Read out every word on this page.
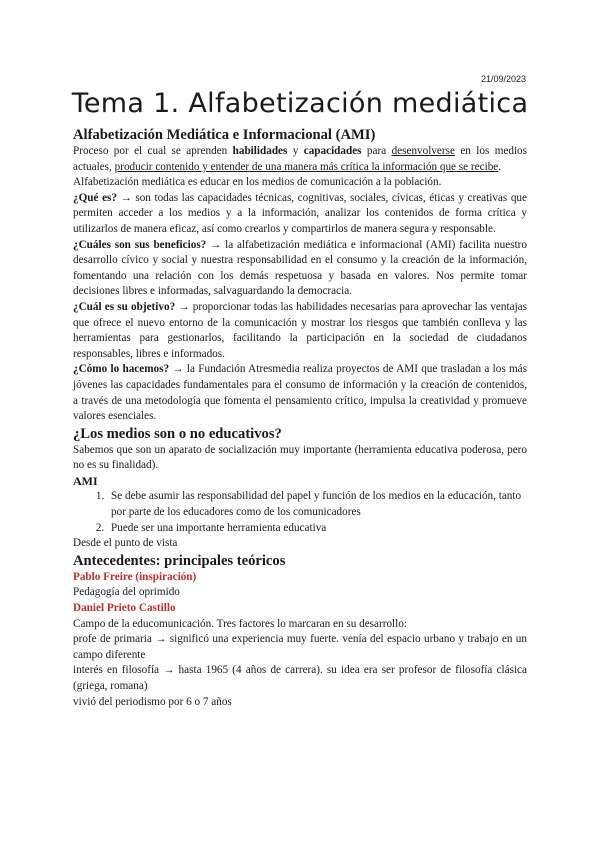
21/09/2023
Tema 1. Alfabetización mediática
Alfabetización Mediática e Informacional (AMI)

Proceso por el cual se aprenden habilidades y capacidades para desenvolverse en los medios actuales, producir contenido y entender de una manera más crítica la información que se recibe.

Alfabetización mediática es educar en los medios de comunicación a la población.

¿Qué es? → son todas las capacidades técnicas, cognitivas, sociales, cívicas, éticas y creativas que permiten acceder a los medios y a la información, analizar los contenidos de forma crítica y utilizarlos de manera eficaz, así como crearlos y compartirlos de manera segura y responsable.

¿Cuáles son sus beneficios? → la alfabetización mediática e informacional (AMI) facilita nuestro desarrollo cívico y social y nuestra responsabilidad en el consumo y la creación de la información, fomentando una relación con los demás respetuosa y basada en valores. Nos permite tomar decisiones libres e informadas, salvaguardando la democracia.

¿Cuál es su objetivo? → proporcionar todas las habilidades necesarias para aprovechar las ventajas que ofrece el nuevo entorno de la comunicación y mostrar los riesgos que también conlleva y las herramientas para gestionarlos, facilitando la participación en la sociedad de ciudadanos responsables, libres e informados.

¿Cómo lo hacemos? → la Fundación Atresmedia realiza proyectos de AMI que trasladan a los más jóvenes las capacidades fundamentales para el consumo de información y la creación de contenidos, a través de una metodología que fomenta el pensamiento crítico, impulsa la creatividad y promueve valores esenciales.

¿Los medios son o no educativos?

Sabemos que son un aparato de socialización muy importante (herramienta educativa poderosa, pero no es su finalidad).

AMI
1. Se debe asumir las responsabilidad del papel y función de los medios en la educación, tanto por parte de los educadores como de los comunicadores
2. Puede ser una importante herramienta educativa

Desde el punto de vista

Antecedentes: principales teóricos
Pablo Freire (inspiración)

Pedagogía del oprimido

Daniel Prieto Castillo

Campo de la educomunicación. Tres factores lo marcaran en su desarrollo:

profe de primaria → significó una experiencia muy fuerte. venía del espacio urbano y trabajo en un campo diferente

interés en filosofía → hasta 1965 (4 años de carrera). su idea era ser profesor de filosofía clásica (griega, romana)

vivió del periodismo por 6 o 7 años
